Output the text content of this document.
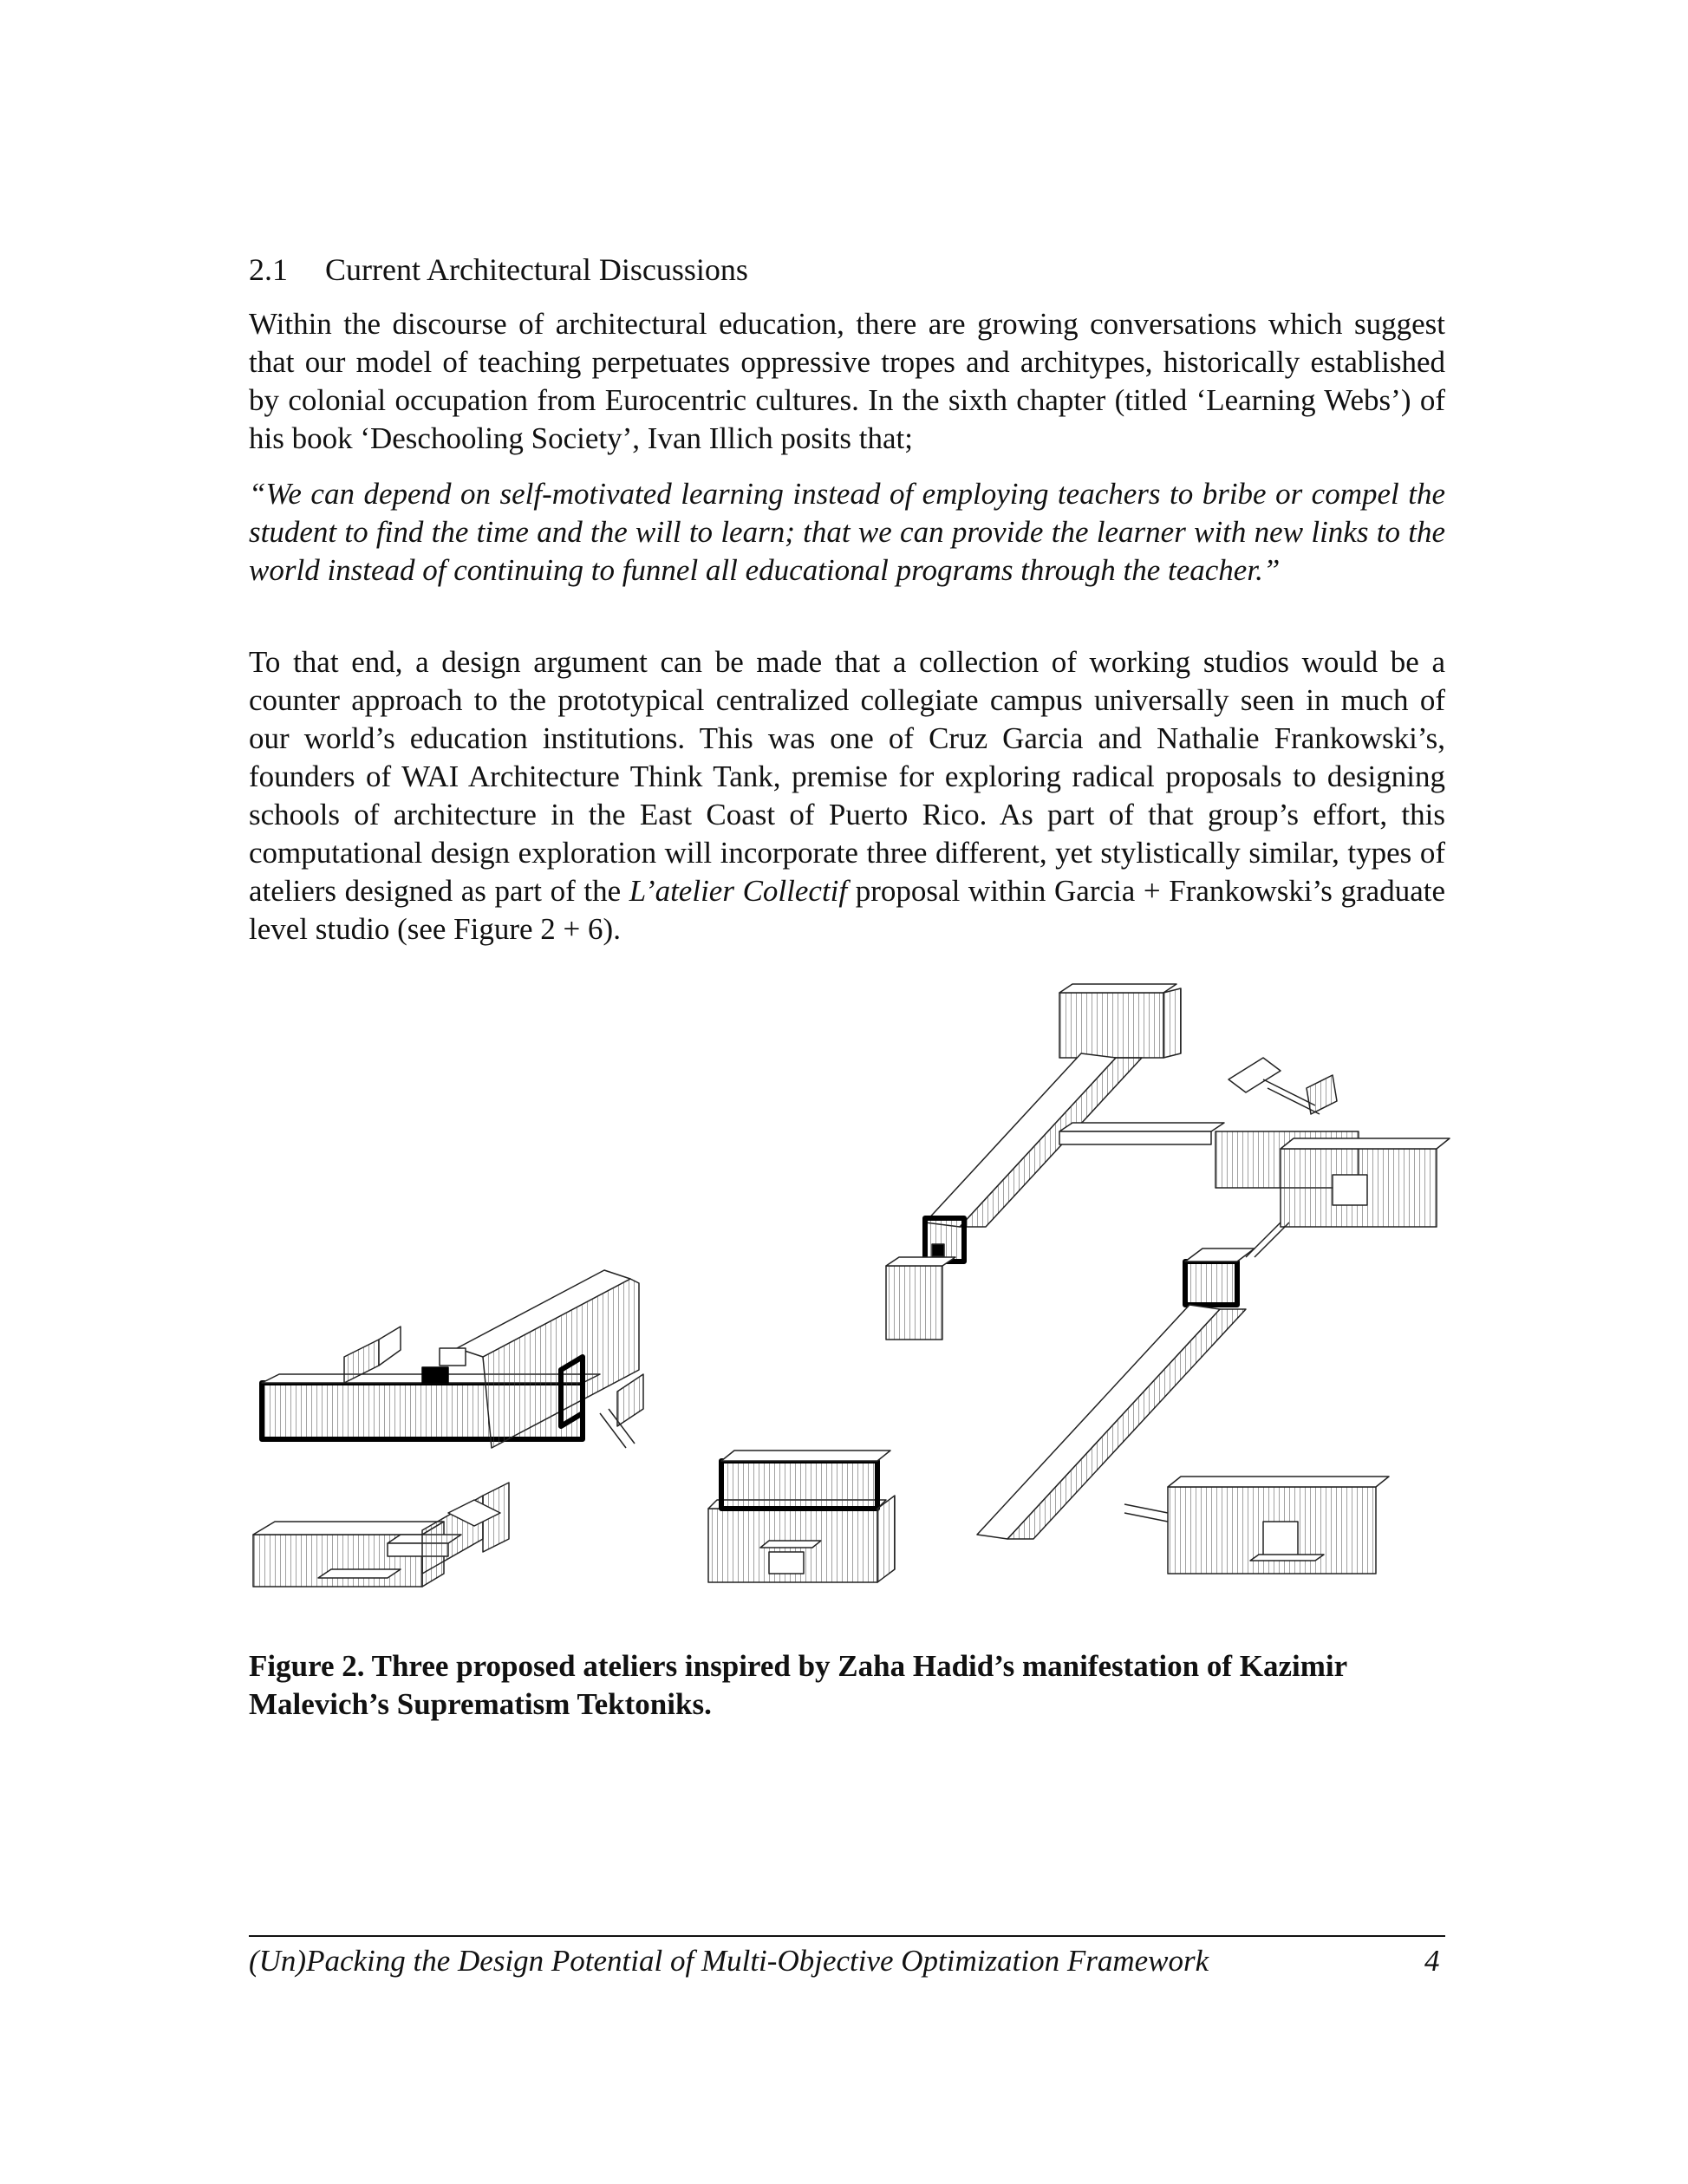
2.1 Current Architectural Discussions

Within the discourse of architectural education, there are growing conversations which suggest that our model of teaching perpetuates oppressive tropes and architypes, historically established by colonial occupation from Eurocentric cultures. In the sixth chapter (titled ‘Learning Webs’) of his book ‘Deschooling Society’, Ivan Illich posits that;

“We can depend on self-motivated learning instead of employing teachers to bribe or compel the student to find the time and the will to learn; that we can provide the learner with new links to the world instead of continuing to funnel all educational programs through the teacher.”

To that end, a design argument can be made that a collection of working studios would be a counter approach to the prototypical centralized collegiate campus universally seen in much of our world’s education institutions. This was one of Cruz Garcia and Nathalie Frankowski’s, founders of WAI Architecture Think Tank, premise for exploring radical proposals to designing schools of architecture in the East Coast of Puerto Rico. As part of that group’s effort, this computational design exploration will incorporate three different, yet stylistically similar, types of ateliers designed as part of the L’atelier Collectif proposal within Garcia + Frankowski’s graduate level studio (see Figure 2 + 6).

Figure 2. Three proposed ateliers inspired by Zaha Hadid’s manifestation of Kazimir Malevich’s Suprematism Tektoniks.

(Un)Packing the Design Potential of Multi-Objective Optimization Framework	4
